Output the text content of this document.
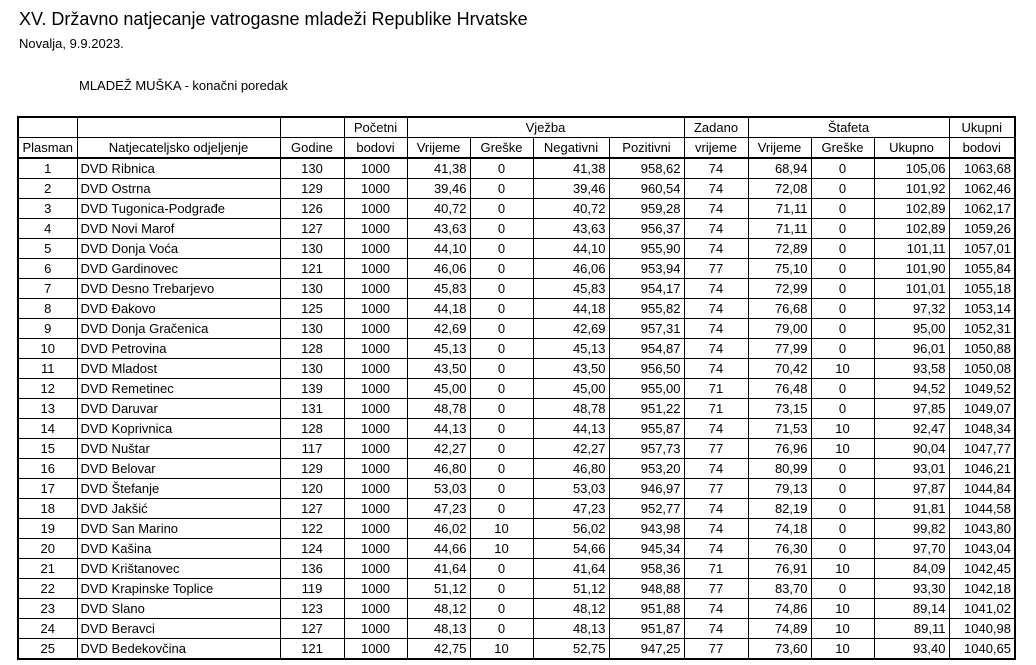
XV. Državno natjecanje vatrogasne mladeži Republike Hrvatske
Novalja, 9.9.2023.
MLADEŽ MUŠKA - konačni poredak
			Početni	Vježba				Zadano	Štafeta			Ukupni
Plasman	Natjecateljsko odjeljenje	Godine	bodovi	Vrijeme	Greške	Negativni	Pozitivni	vrijeme	Vrijeme	Greške	Ukupno	bodovi
1	DVD Ribnica	130	1000	41,38	0	41,38	958,62	74	68,94	0	105,06	1063,68
2	DVD Ostrna	129	1000	39,46	0	39,46	960,54	74	72,08	0	101,92	1062,46
3	DVD Tugonica-Podgrađe	126	1000	40,72	0	40,72	959,28	74	71,11	0	102,89	1062,17
4	DVD Novi Marof	127	1000	43,63	0	43,63	956,37	74	71,11	0	102,89	1059,26
5	DVD Donja Voća	130	1000	44,10	0	44,10	955,90	74	72,89	0	101,11	1057,01
6	DVD Gardinovec	121	1000	46,06	0	46,06	953,94	77	75,10	0	101,90	1055,84
7	DVD Desno Trebarjevo	130	1000	45,83	0	45,83	954,17	74	72,99	0	101,01	1055,18
8	DVD Đakovo	125	1000	44,18	0	44,18	955,82	74	76,68	0	97,32	1053,14
9	DVD Donja Gračenica	130	1000	42,69	0	42,69	957,31	74	79,00	0	95,00	1052,31
10	DVD Petrovina	128	1000	45,13	0	45,13	954,87	74	77,99	0	96,01	1050,88
11	DVD Mladost	130	1000	43,50	0	43,50	956,50	74	70,42	10	93,58	1050,08
12	DVD Remetinec	139	1000	45,00	0	45,00	955,00	71	76,48	0	94,52	1049,52
13	DVD Daruvar	131	1000	48,78	0	48,78	951,22	71	73,15	0	97,85	1049,07
14	DVD Koprivnica	128	1000	44,13	0	44,13	955,87	74	71,53	10	92,47	1048,34
15	DVD Nuštar	117	1000	42,27	0	42,27	957,73	77	76,96	10	90,04	1047,77
16	DVD Belovar	129	1000	46,80	0	46,80	953,20	74	80,99	0	93,01	1046,21
17	DVD Štefanje	120	1000	53,03	0	53,03	946,97	77	79,13	0	97,87	1044,84
18	DVD Jakšić	127	1000	47,23	0	47,23	952,77	74	82,19	0	91,81	1044,58
19	DVD San Marino	122	1000	46,02	10	56,02	943,98	74	74,18	0	99,82	1043,80
20	DVD Kašina	124	1000	44,66	10	54,66	945,34	74	76,30	0	97,70	1043,04
21	DVD Krištanovec	136	1000	41,64	0	41,64	958,36	71	76,91	10	84,09	1042,45
22	DVD Krapinske Toplice	119	1000	51,12	0	51,12	948,88	77	83,70	0	93,30	1042,18
23	DVD Slano	123	1000	48,12	0	48,12	951,88	74	74,86	10	89,14	1041,02
24	DVD Beravci	127	1000	48,13	0	48,13	951,87	74	74,89	10	89,11	1040,98
25	DVD Bedekovčina	121	1000	42,75	10	52,75	947,25	77	73,60	10	93,40	1040,65
